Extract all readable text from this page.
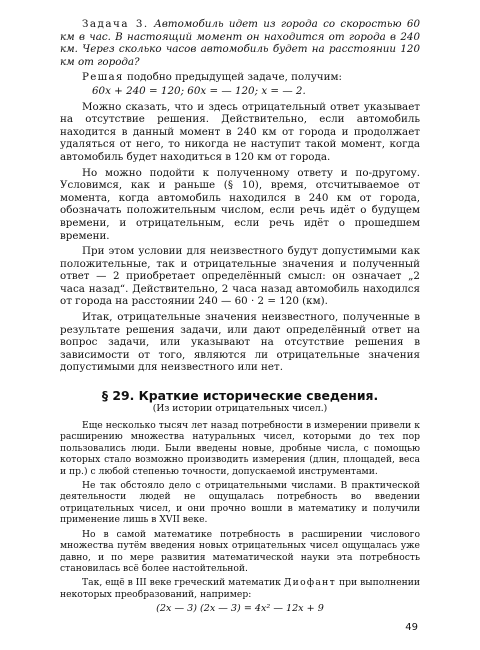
Задача 3. Автомобиль идет из города со скоростью 60 км в час. В настоящий момент он находится от города в 240 км. Через сколько часов автомобиль будет на расстоянии 120 км от города?

Решая подобно предыдущей задаче, получим:

60x + 240 = 120; 60x = — 120; x = — 2.

Можно сказать, что и здесь отрицательный ответ указывает на отсутствие решения. Действительно, если автомобиль находится в данный момент в 240 км от города и продолжает удаляться от него, то никогда не наступит такой момент, когда автомобиль будет находиться в 120 км от города.

Но можно подойти к полученному ответу и по-другому. Условимся, как и раньше (§ 10), время, отсчитываемое от момента, когда автомобиль находился в 240 км от города, обозначать положительным числом, если речь идёт о будущем времени, и отрицательным, если речь идёт о прошедшем времени.

При этом условии для неизвестного будут допустимыми как положительные, так и отрицательные значения и полученный ответ — 2 приобретает определённый смысл: он означает „2 часа назад“. Действительно, 2 часа назад автомобиль находился от города на расстоянии 240 — 60 · 2 = 120 (км).

Итак, отрицательные значения неизвестного, полученные в результате решения задачи, или дают определённый ответ на вопрос задачи, или указывают на отсутствие решения в зависимости от того, являются ли отрицательные значения допустимыми для неизвестного или нет.

§ 29. Краткие исторические сведения.
(Из истории отрицательных чисел.)

Еще несколько тысяч лет назад потребности в измерении привели к расширению множества натуральных чисел, которыми до тех пор пользовались люди. Были введены новые, дробные числа, с помощью которых стало возможно производить измерения (длин, площадей, веса и пр.) с любой степенью точности, допускаемой инструментами.

Не так обстояло дело с отрицательными числами. В практической деятельности людей не ощущалась потребность во введении отрицательных чисел, и они прочно вошли в математику и получили применение лишь в XVII веке.

Но в самой математике потребность в расширении числового множества путём введения новых отрицательных чисел ощущалась уже давно, и по мере развития математической науки эта потребность становилась всё более настойтельной.

Так, ещё в III веке греческий математик Диофант при выполнении некоторых преобразований, например:

(2x — 3) (2x — 3) = 4x² — 12x + 9
49
